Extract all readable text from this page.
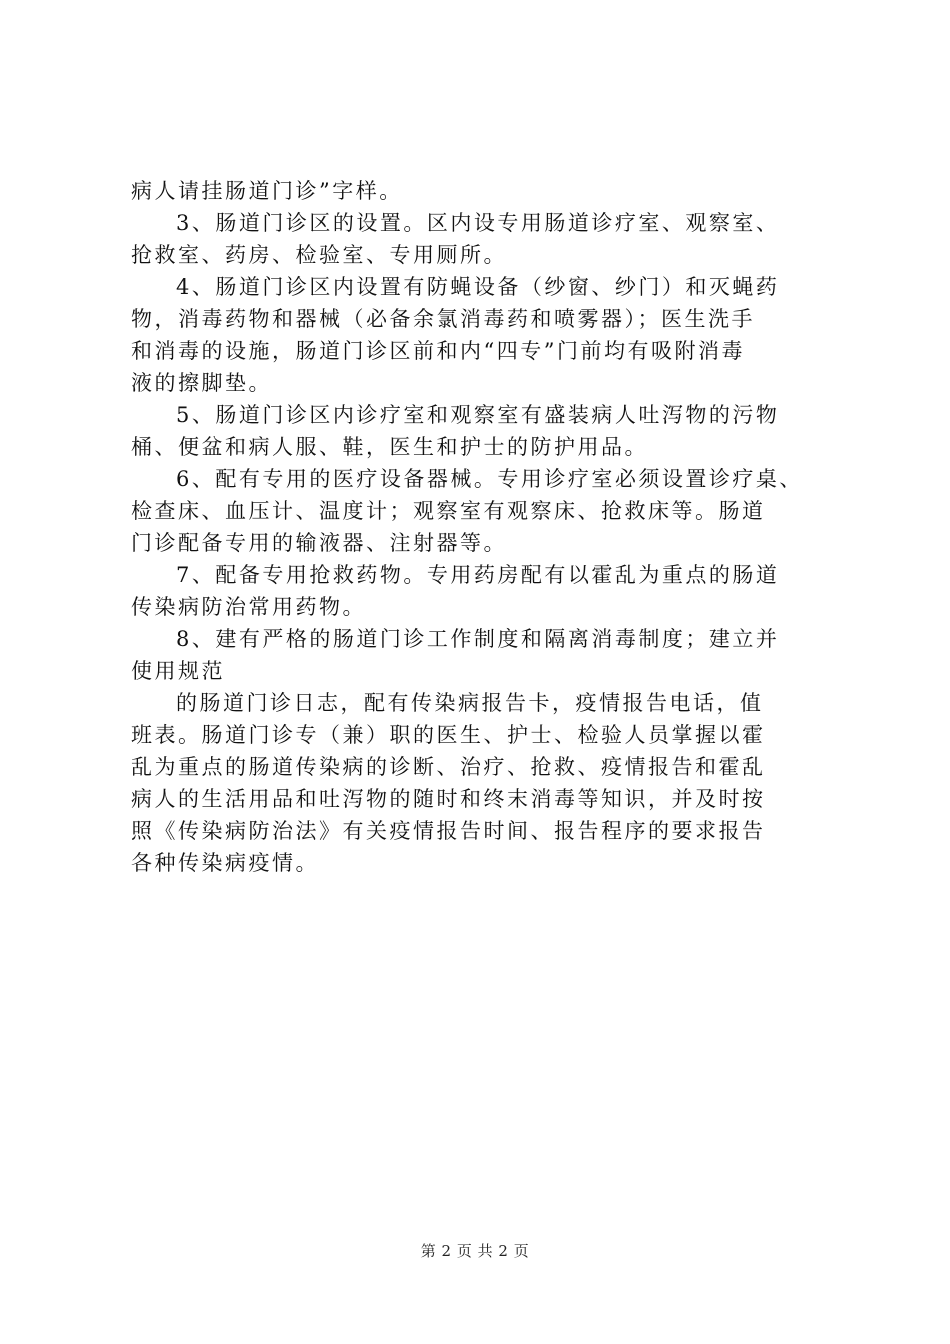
病人请挂肠道门诊”字样。
3、肠道门诊区的设置。区内设专用肠道诊疗室、观察室、
抢救室、药房、检验室、专用厕所。
4、肠道门诊区内设置有防蝇设备（纱窗、纱门）和灭蝇药
物，消毒药物和器械（必备余氯消毒药和喷雾器）；医生洗手
和消毒的设施，肠道门诊区前和内“四专”门前均有吸附消毒
液的擦脚垫。
5、肠道门诊区内诊疗室和观察室有盛装病人吐泻物的污物
桶、便盆和病人服、鞋，医生和护士的防护用品。
6、配有专用的医疗设备器械。专用诊疗室必须设置诊疗桌、
检查床、血压计、温度计；观察室有观察床、抢救床等。肠道
门诊配备专用的输液器、注射器等。
7、配备专用抢救药物。专用药房配有以霍乱为重点的肠道
传染病防治常用药物。
8、建有严格的肠道门诊工作制度和隔离消毒制度；建立并
使用规范
的肠道门诊日志，配有传染病报告卡，疫情报告电话，值
班表。肠道门诊专（兼）职的医生、护士、检验人员掌握以霍
乱为重点的肠道传染病的诊断、治疗、抢救、疫情报告和霍乱
病人的生活用品和吐泻物的随时和终末消毒等知识，并及时按
照《传染病防治法》有关疫情报告时间、报告程序的要求报告
各种传染病疫情。
第 2 页 共 2 页
